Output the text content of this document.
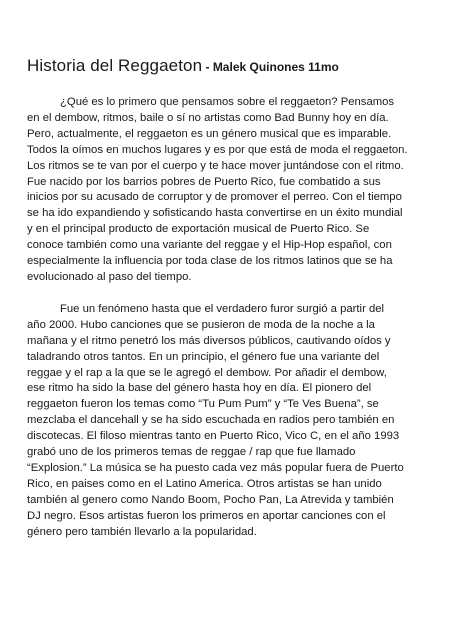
Historia del Reggaeton - Malek Quinones 11mo

¿Qué es lo primero que pensamos sobre el reggaeton? Pensamos
en el dembow, ritmos, baile o sí no artistas como Bad Bunny hoy en día.
Pero, actualmente, el reggaeton es un género musical que es imparable.
Todos la oímos en muchos lugares y es por que está de moda el reggaeton.
Los ritmos se te van por el cuerpo y te hace mover juntándose con el ritmo.
Fue nacido por los barrios pobres de Puerto Rico, fue combatido a sus
inicios por su acusado de corruptor y de promover el perreo. Con el tiempo
se ha ido expandiendo y sofisticando hasta convertirse en un éxito mundial
y en el principal producto de exportación musical de Puerto Rico. Se
conoce también como una variante del reggae y el Hip-Hop español, con
especialmente la influencia por toda clase de los ritmos latinos que se ha
evolucionado al paso del tiempo.

Fue un fenómeno hasta que el verdadero furor surgió a partir del
año 2000. Hubo canciones que se pusieron de moda de la noche a la
mañana y el ritmo penetró los más diversos públicos, cautivando oídos y
taladrando otros tantos. En un principio, el género fue una variante del
reggae y el rap a la que se le agregó el dembow. Por añadir el dembow,
ese ritmo ha sido la base del género hasta hoy en día. El pionero del
reggaeton fueron los temas como “Tu Pum Pum” y “Te Ves Buena”, se
mezclaba el dancehall y se ha sido escuchada en radios pero también en
discotecas. El filoso mientras tanto en Puerto Rico, Vico C, en el año 1993
grabó uno de los primeros temas de reggae / rap que fue llamado
“Explosion.” La música se ha puesto cada vez más popular fuera de Puerto
Rico, en paises como en el Latino America. Otros artistas se han unido
también al genero como Nando Boom, Pocho Pan, La Atrevida y también
DJ negro. Esos artistas fueron los primeros en aportar canciones con el
género pero también llevarlo a la popularidad.
